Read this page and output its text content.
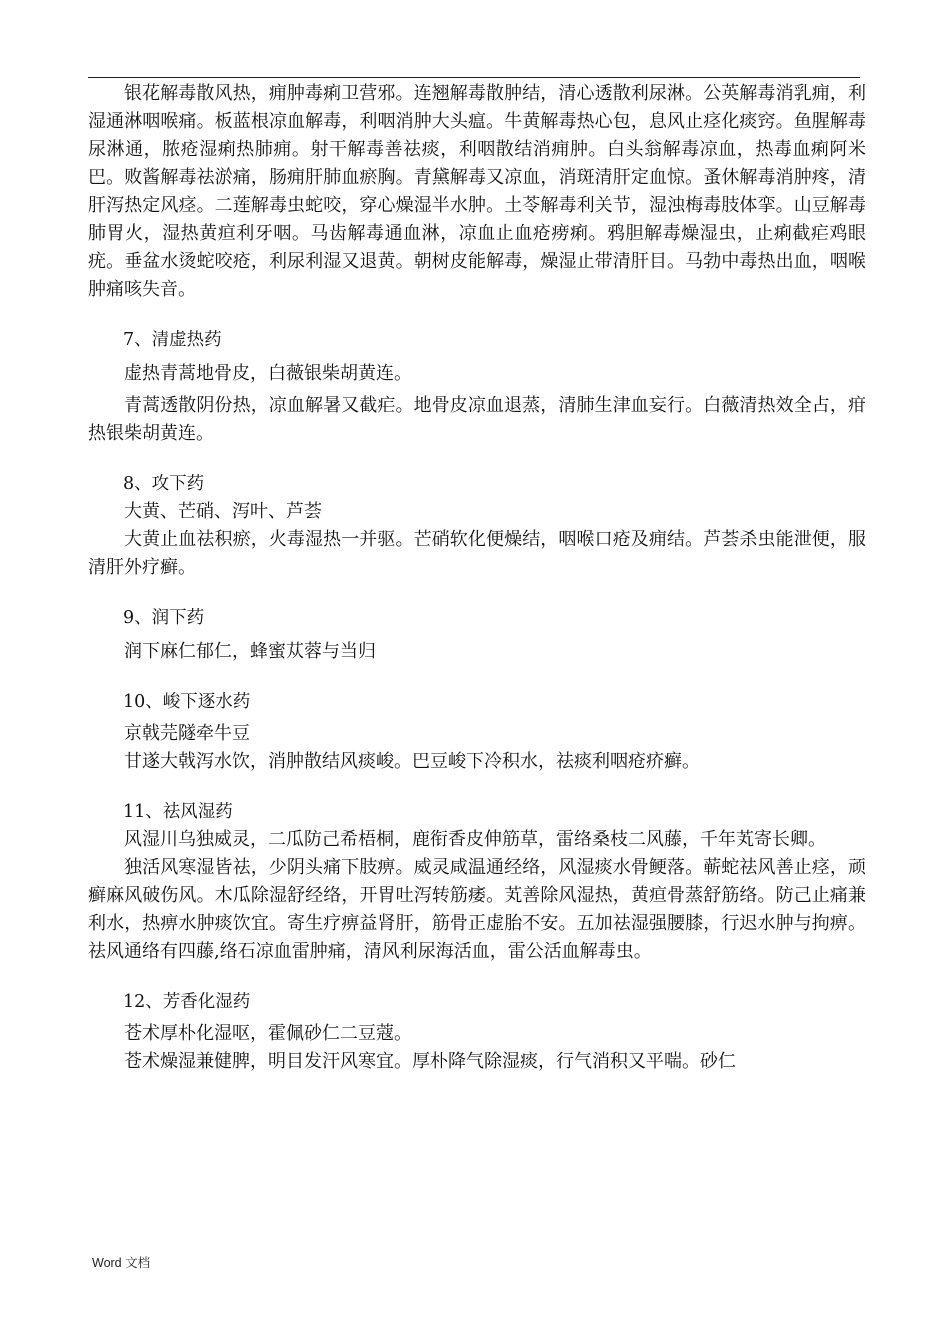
银花解毒散风热，痈肿毒痢卫营邪。连翘解毒散肿结，清心透散利尿淋。公英解毒消乳痈，利湿通淋咽喉痛。板蓝根凉血解毒，利咽消肿大头瘟。牛黄解毒热心包，息风止痉化痰窍。鱼腥解毒尿淋通，脓疮湿痢热肺痈。射干解毒善祛痰，利咽散结消痈肿。白头翁解毒凉血，热毒血痢阿米巴。败酱解毒祛淤痛，肠痈肝肺血瘀胸。青黛解毒又凉血，消斑清肝定血惊。蚤休解毒消肿疼，清肝泻热定风痉。二莲解毒虫蛇咬，穿心燥湿半水肿。土苓解毒利关节，湿浊梅毒肢体挛。山豆解毒肺胃火，湿热黄疸利牙咽。马齿解毒通血淋，凉血止血疮痨痢。鸦胆解毒燥湿虫，止痢截疟鸡眼疣。垂盆水烫蛇咬疮，利尿利湿又退黄。朝树皮能解毒，燥湿止带清肝目。马勃中毒热出血，咽喉肿痛咳失音。

7、清虚热药

虚热青蒿地骨皮，白薇银柴胡黄连。

青蒿透散阴份热，凉血解暑又截疟。地骨皮凉血退蒸，清肺生津血妄行。白薇清热效全占，疳热银柴胡黄连。

8、攻下药

大黄、芒硝、泻叶、芦荟

大黄止血祛积瘀，火毒湿热一并驱。芒硝软化便燥结，咽喉口疮及痈结。芦荟杀虫能泄便，服清肝外疗癣。

9、润下药

润下麻仁郁仁，蜂蜜苁蓉与当归

10、峻下逐水药

京戟芫隧牵牛豆

甘遂大戟泻水饮，消肿散结风痰峻。巴豆峻下冷积水，祛痰利咽疮疥癣。

11、祛风湿药

风湿川乌独威灵，二瓜防己希梧桐，鹿衔香皮伸筋草，雷络桑枝二风藤，千年芄寄长卿。

独活风寒湿皆祛，少阴头痛下肢痹。威灵咸温通经络，风湿痰水骨鲠落。蕲蛇祛风善止痉，顽癣麻风破伤风。木瓜除湿舒经络，开胃吐泻转筋痿。芄善除风湿热，黄疸骨蒸舒筋络。防己止痛兼利水，热痹水肿痰饮宜。寄生疗痹益肾肝，筋骨正虚胎不安。五加祛湿强腰膝，行迟水肿与拘痹。祛风通络有四藤,络石凉血雷肿痛，清风利尿海活血，雷公活血解毒虫。

12、芳香化湿药

苍术厚朴化湿呕，霍佩砂仁二豆蔻。

苍术燥湿兼健脾，明目发汗风寒宜。厚朴降气除湿痰，行气消积又平喘。砂仁

Word 文档
